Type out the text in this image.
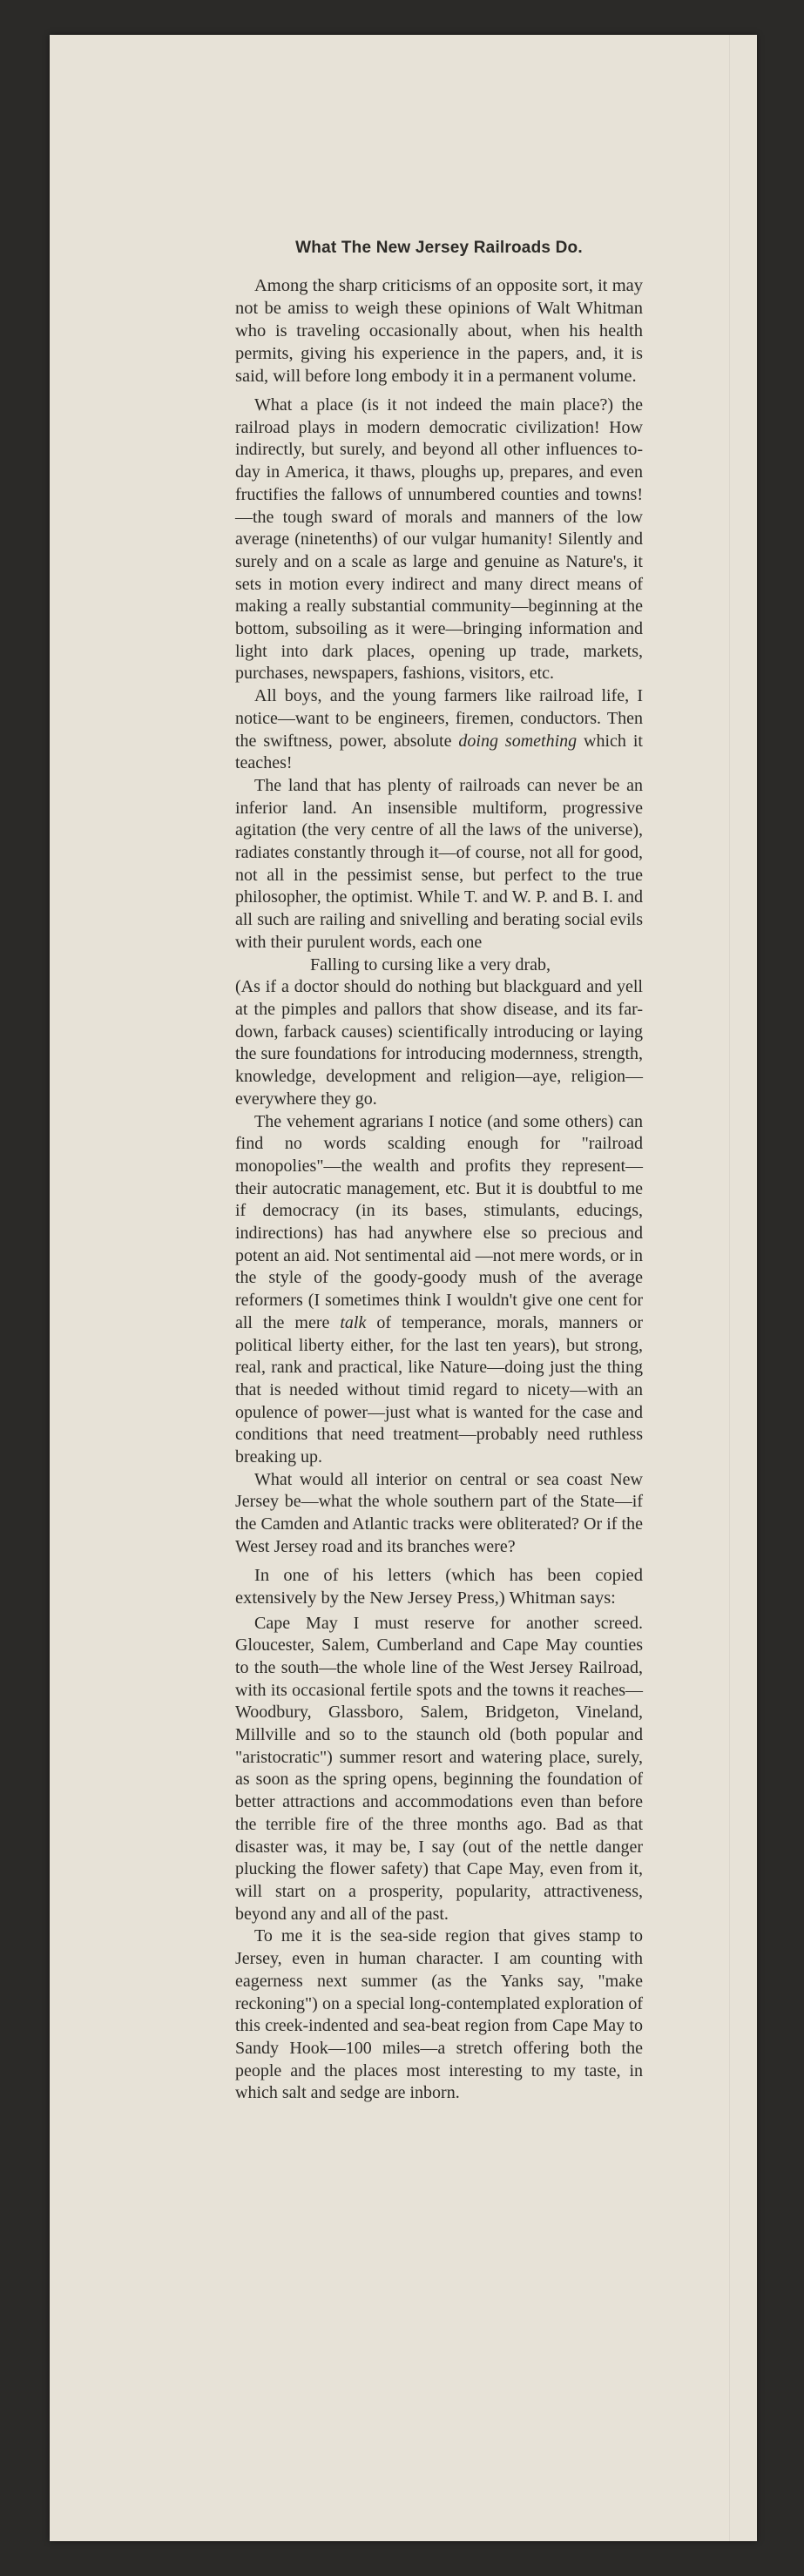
What The New Jersey Railroads Do.

Among the sharp criticisms of an opposite sort, it may not be amiss to weigh these opinions of Walt Whitman who is traveling occasionally about, when his health permits, giving his experience in the papers, and, it is said, will before long embody it in a permanent volume.

What a place (is it not indeed the main place?) the railroad plays in modern democratic civilization! How indirectly, but surely, and beyond all other influences to-day in America, it thaws, ploughs up, prepares, and even fructifies the fallows of unnumbered counties and towns!—the tough sward of morals and manners of the low average (ninetenths) of our vulgar humanity! Silently and surely and on a scale as large and genuine as Nature's, it sets in motion every indirect and many direct means of making a really substantial community—beginning at the bottom, subsoiling as it were—bringing information and light into dark places, opening up trade, markets, purchases, newspapers, fashions, visitors, etc.

All boys, and the young farmers like railroad life, I notice—want to be engineers, firemen, conductors. Then the swiftness, power, absolute doing something which it teaches!

The land that has plenty of railroads can never be an inferior land. An insensible multiform, progressive agitation (the very centre of all the laws of the universe), radiates constantly through it—of course, not all for good, not all in the pessimist sense, but perfect to the true philosopher, the optimist. While T. and W. P. and B. I. and all such are railing and snivelling and berating social evils with their purulent words, each one

Falling to cursing like a very drab,

(As if a doctor should do nothing but blackguard and yell at the pimples and pallors that show disease, and its far-down, farback causes) scientifically introducing or laying the sure foundations for introducing modernness, strength, knowledge, development and religion—aye, religion—everywhere they go.

The vehement agrarians I notice (and some others) can find no words scalding enough for "railroad monopolies"—the wealth and profits they represent—their autocratic management, etc. But it is doubtful to me if democracy (in its bases, stimulants, educings, indirections) has had anywhere else so precious and potent an aid. Not sentimental aid —not mere words, or in the style of the goody-goody mush of the average reformers (I sometimes think I wouldn't give one cent for all the mere talk of temperance, morals, manners or political liberty either, for the last ten years), but strong, real, rank and practical, like Nature—doing just the thing that is needed without timid regard to nicety—with an opulence of power—just what is wanted for the case and conditions that need treatment—probably need ruthless breaking up.

What would all interior on central or sea coast New Jersey be—what the whole southern part of the State—if the Camden and Atlantic tracks were obliterated? Or if the West Jersey road and its branches were?

In one of his letters (which has been copied extensively by the New Jersey Press,) Whitman says:

Cape May I must reserve for another screed. Gloucester, Salem, Cumberland and Cape May counties to the south—the whole line of the West Jersey Railroad, with its occasional fertile spots and the towns it reaches—Woodbury, Glassboro, Salem, Bridgeton, Vineland, Millville and so to the staunch old (both popular and "aristocratic") summer resort and watering place, surely, as soon as the spring opens, beginning the foundation of better attractions and accommodations even than before the terrible fire of the three months ago. Bad as that disaster was, it may be, I say (out of the nettle danger plucking the flower safety) that Cape May, even from it, will start on a prosperity, popularity, attractiveness, beyond any and all of the past.

To me it is the sea-side region that gives stamp to Jersey, even in human character. I am counting with eagerness next summer (as the Yanks say, "make reckoning") on a special long-contemplated exploration of this creek-indented and sea-beat region from Cape May to Sandy Hook—100 miles—a stretch offering both the people and the places most interesting to my taste, in which salt and sedge are inborn.
